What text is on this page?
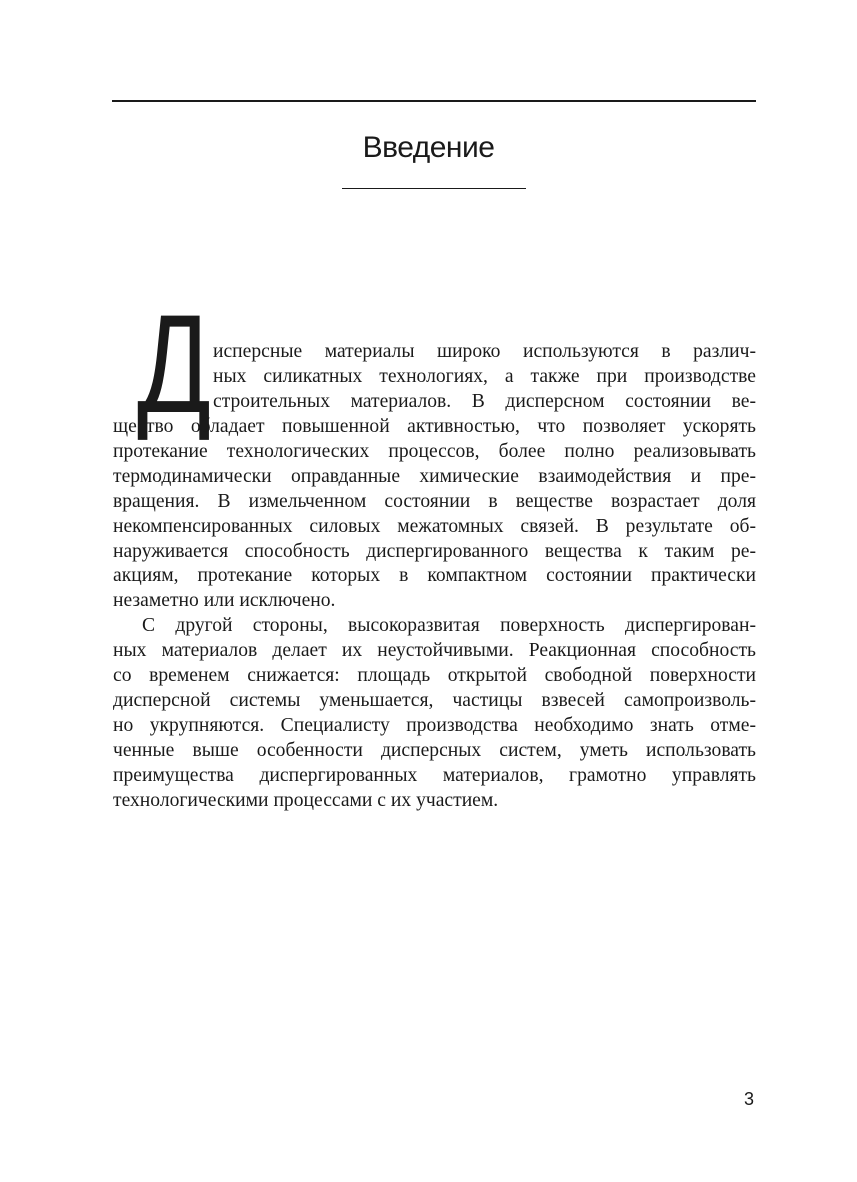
Введение
Д исперсные материалы широко используются в различ-
ных силикатных технологиях, а также при производстве
строительных материалов. В дисперсном состоянии ве-
щество обладает повышенной активностью, что позволяет ускорять
протекание технологических процессов, более полно реализовывать
термодинамически оправданные химические взаимодействия и пре-
вращения. В измельченном состоянии в веществе возрастает доля
некомпенсированных силовых межатомных связей. В результате об-
наруживается способность диспергированного вещества к таким ре-
акциям, протекание которых в компактном состоянии практически
незаметно или исключено.
С другой стороны, высокоразвитая поверхность диспергирован-
ных материалов делает их неустойчивыми. Реакционная способность
со временем снижается: площадь открытой свободной поверхности
дисперсной системы уменьшается, частицы взвесей самопроизволь-
но укрупняются. Специалисту производства необходимо знать отме-
ченные выше особенности дисперсных систем, уметь использовать
преимущества диспергированных материалов, грамотно управлять
технологическими процессами с их участием.
3
